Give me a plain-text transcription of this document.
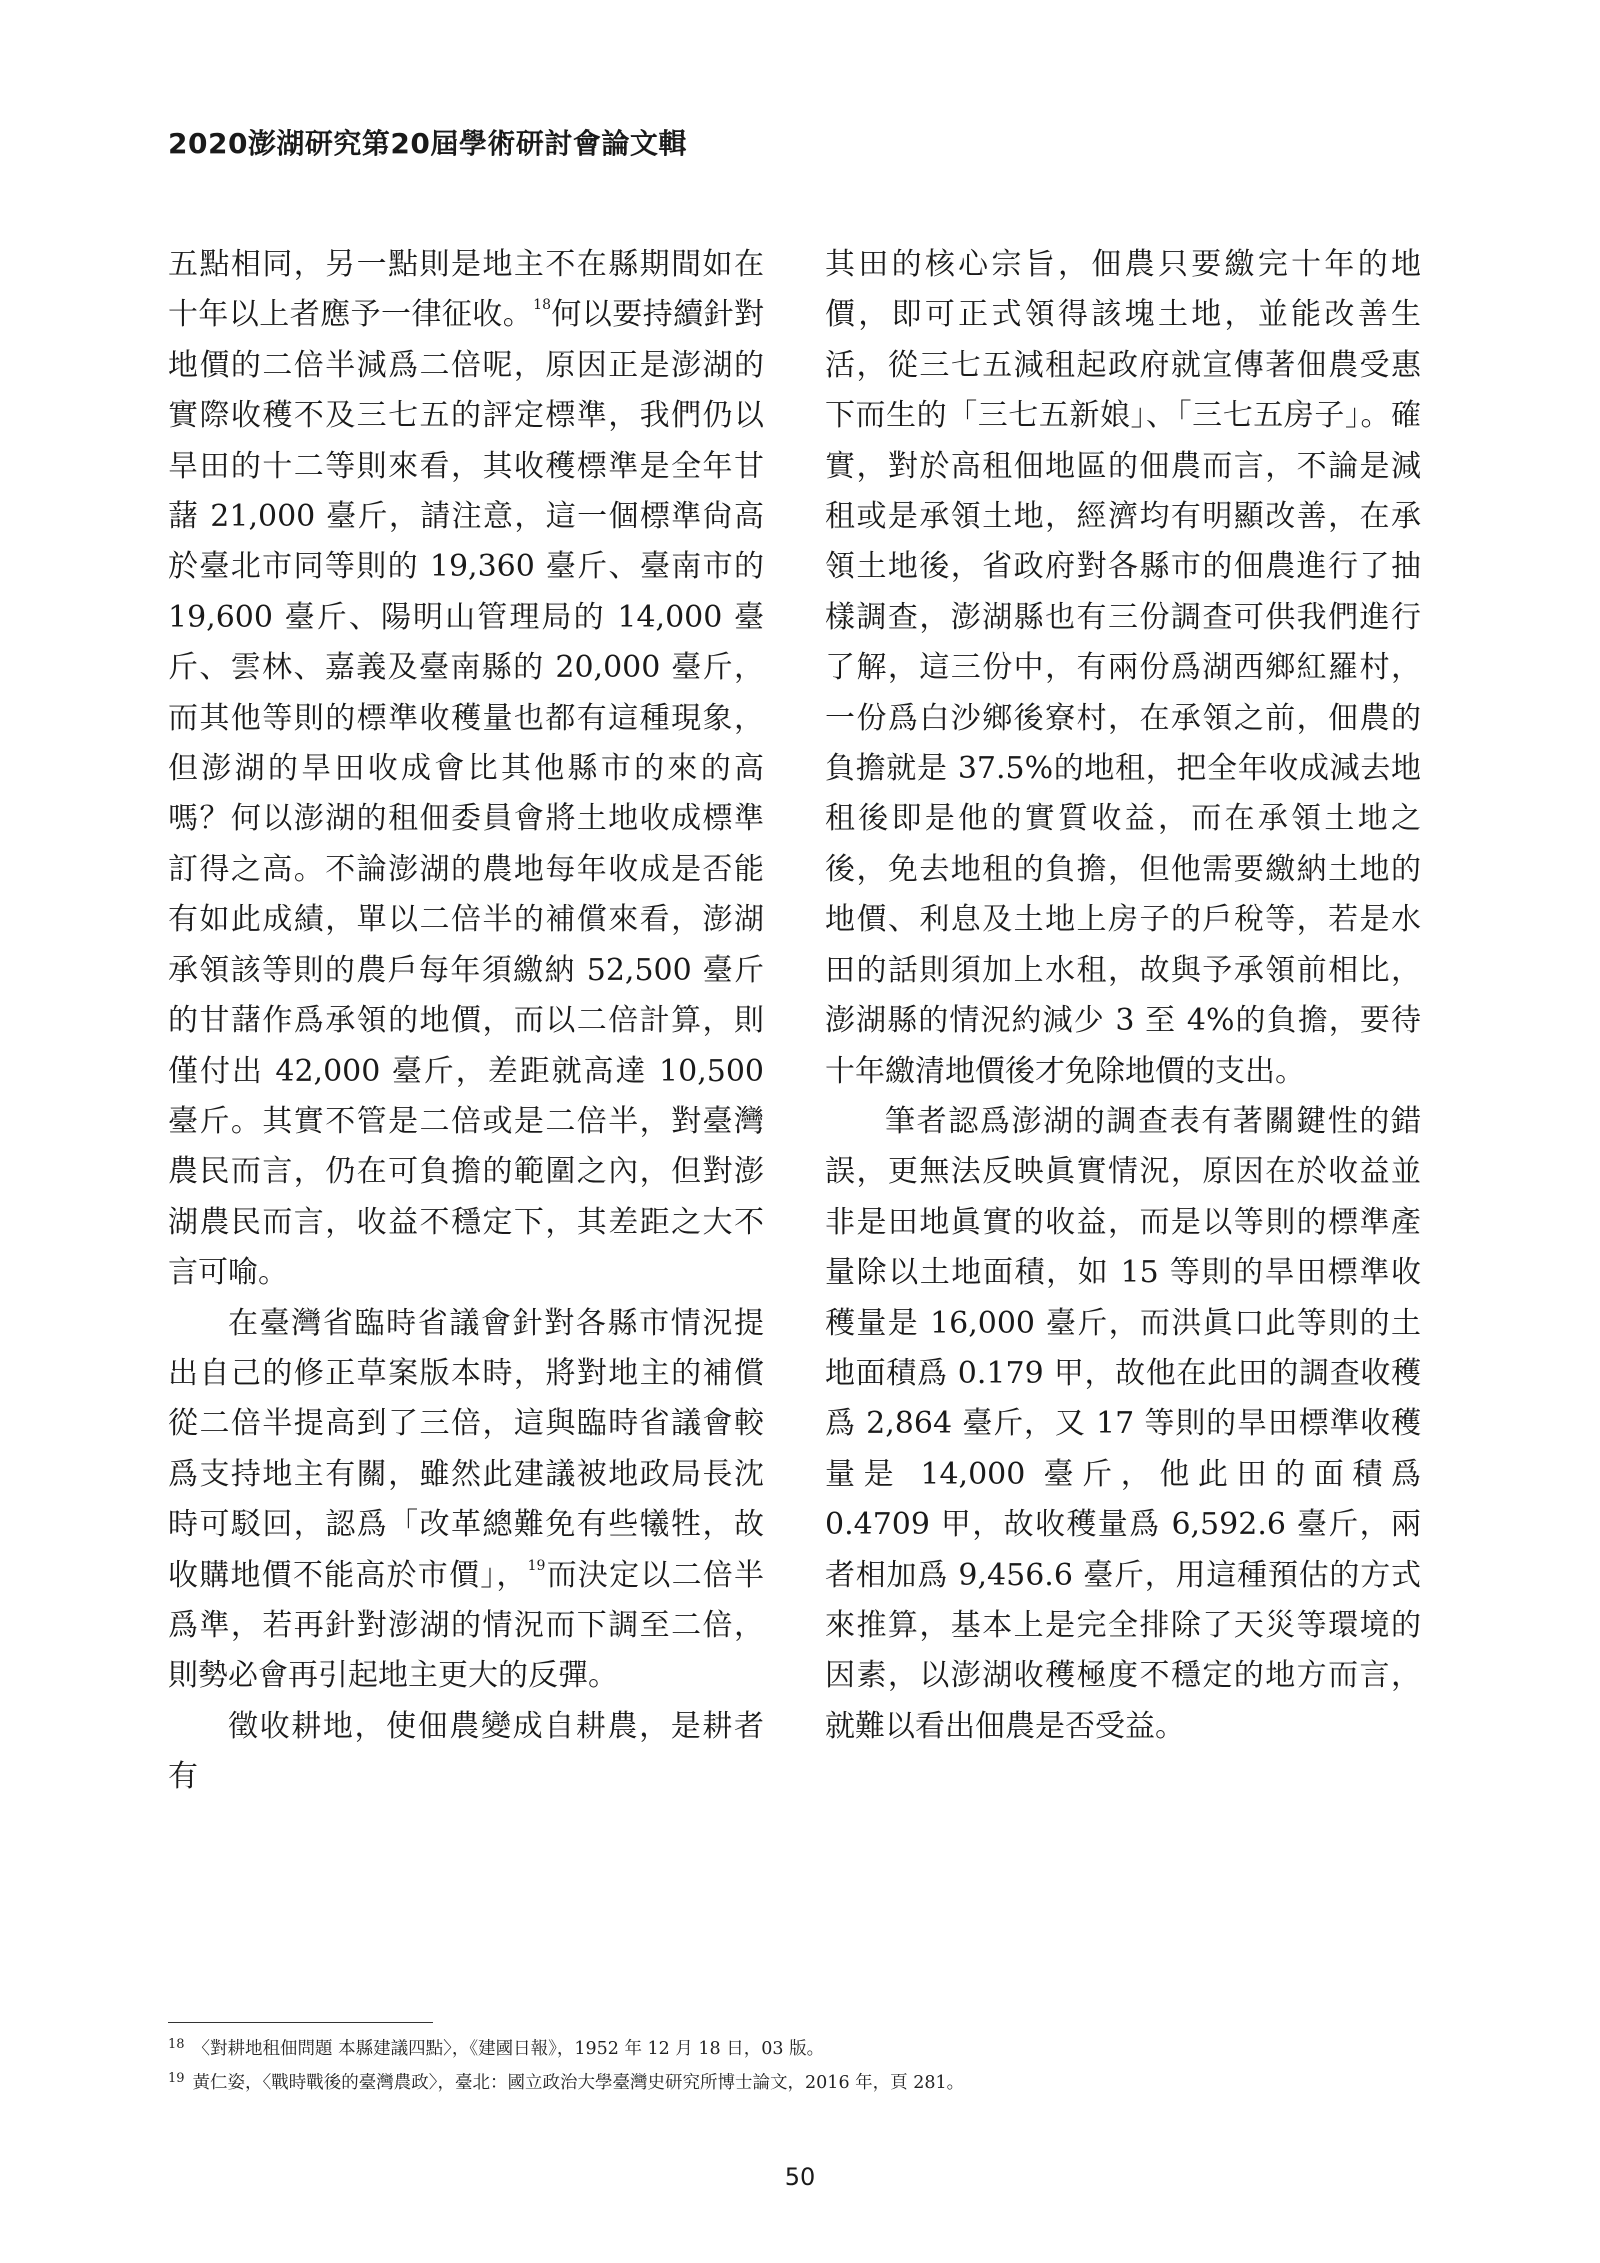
2020澎湖研究第20屆學術研討會論文輯

五點相同，另一點則是地主不在縣期間如在十年以上者應予一律征收。$^{18}$何以要持續針對地價的二倍半減爲二倍呢，原因正是澎湖的實際收穫不及三七五的評定標準，我們仍以旱田的十二等則來看，其收穫標準是全年甘藷 21,000 臺斤，請注意，這一個標準尙高於臺北市同等則的 19,360 臺斤、臺南市的 19,600 臺斤、陽明山管理局的 14,000 臺斤、雲林、嘉義及臺南縣的 20,000 臺斤，而其他等則的標準收穫量也都有這種現象，但澎湖的旱田收成會比其他縣市的來的高嗎？何以澎湖的租佃委員會將土地收成標準訂得之高。不論澎湖的農地每年收成是否能有如此成績，單以二倍半的補償來看，澎湖承領該等則的農戶每年須繳納 52,500 臺斤的甘藷作爲承領的地價，而以二倍計算，則僅付出 42,000 臺斤，差距就高達 10,500 臺斤。其實不管是二倍或是二倍半，對臺灣農民而言，仍在可負擔的範圍之內，但對澎湖農民而言，收益不穩定下，其差距之大不言可喻。

在臺灣省臨時省議會針對各縣市情況提出自己的修正草案版本時，將對地主的補償從二倍半提高到了三倍，這與臨時省議會較爲支持地主有關，雖然此建議被地政局長沈時可駁回，認爲「改革總難免有些犧牲，故收購地價不能高於市價」，$^{19}$而決定以二倍半爲準，若再針對澎湖的情況而下調至二倍，則勢必會再引起地主更大的反彈。

徵收耕地，使佃農變成自耕農，是耕者有

其田的核心宗旨，佃農只要繳完十年的地價，即可正式領得該塊土地，並能改善生活，從三七五減租起政府就宣傳著佃農受惠下而生的「三七五新娘」、「三七五房子」。確實，對於高租佃地區的佃農而言，不論是減租或是承領土地，經濟均有明顯改善，在承領土地後，省政府對各縣市的佃農進行了抽樣調查，澎湖縣也有三份調查可供我們進行了解，這三份中，有兩份爲湖西鄉紅羅村，一份爲白沙鄉後寮村，在承領之前，佃農的負擔就是 37.5%的地租，把全年收成減去地租後即是他的實質收益，而在承領土地之後，免去地租的負擔，但他需要繳納土地的地價、利息及土地上房子的戶稅等，若是水田的話則須加上水租，故與予承領前相比，澎湖縣的情況約減少 3 至 4%的負擔，要待十年繳清地價後才免除地價的支出。

筆者認爲澎湖的調查表有著關鍵性的錯誤，更無法反映眞實情況，原因在於收益並非是田地眞實的收益，而是以等則的標準產量除以土地面積，如 15 等則的旱田標準收穫量是 16,000 臺斤，而洪眞口此等則的土地面積爲 0.179 甲，故他在此田的調查收穫爲 2,864 臺斤，又 17 等則的旱田標準收穫量是 14,000 臺斤，他此田的面積爲 0.4709 甲，故收穫量爲 6,592.6 臺斤，兩者相加爲 9,456.6 臺斤，用這種預估的方式來推算，基本上是完全排除了天災等環境的因素，以澎湖收穫極度不穩定的地方而言，就難以看出佃農是否受益。

$^{18}$ 〈對耕地租佃問題 本縣建議四點〉，《建國日報》，1952 年 12 月 18 日，03 版。
$^{19}$ 黃仁姿，〈戰時戰後的臺灣農政〉，臺北：國立政治大學臺灣史研究所博士論文，2016 年，頁 281。
50
